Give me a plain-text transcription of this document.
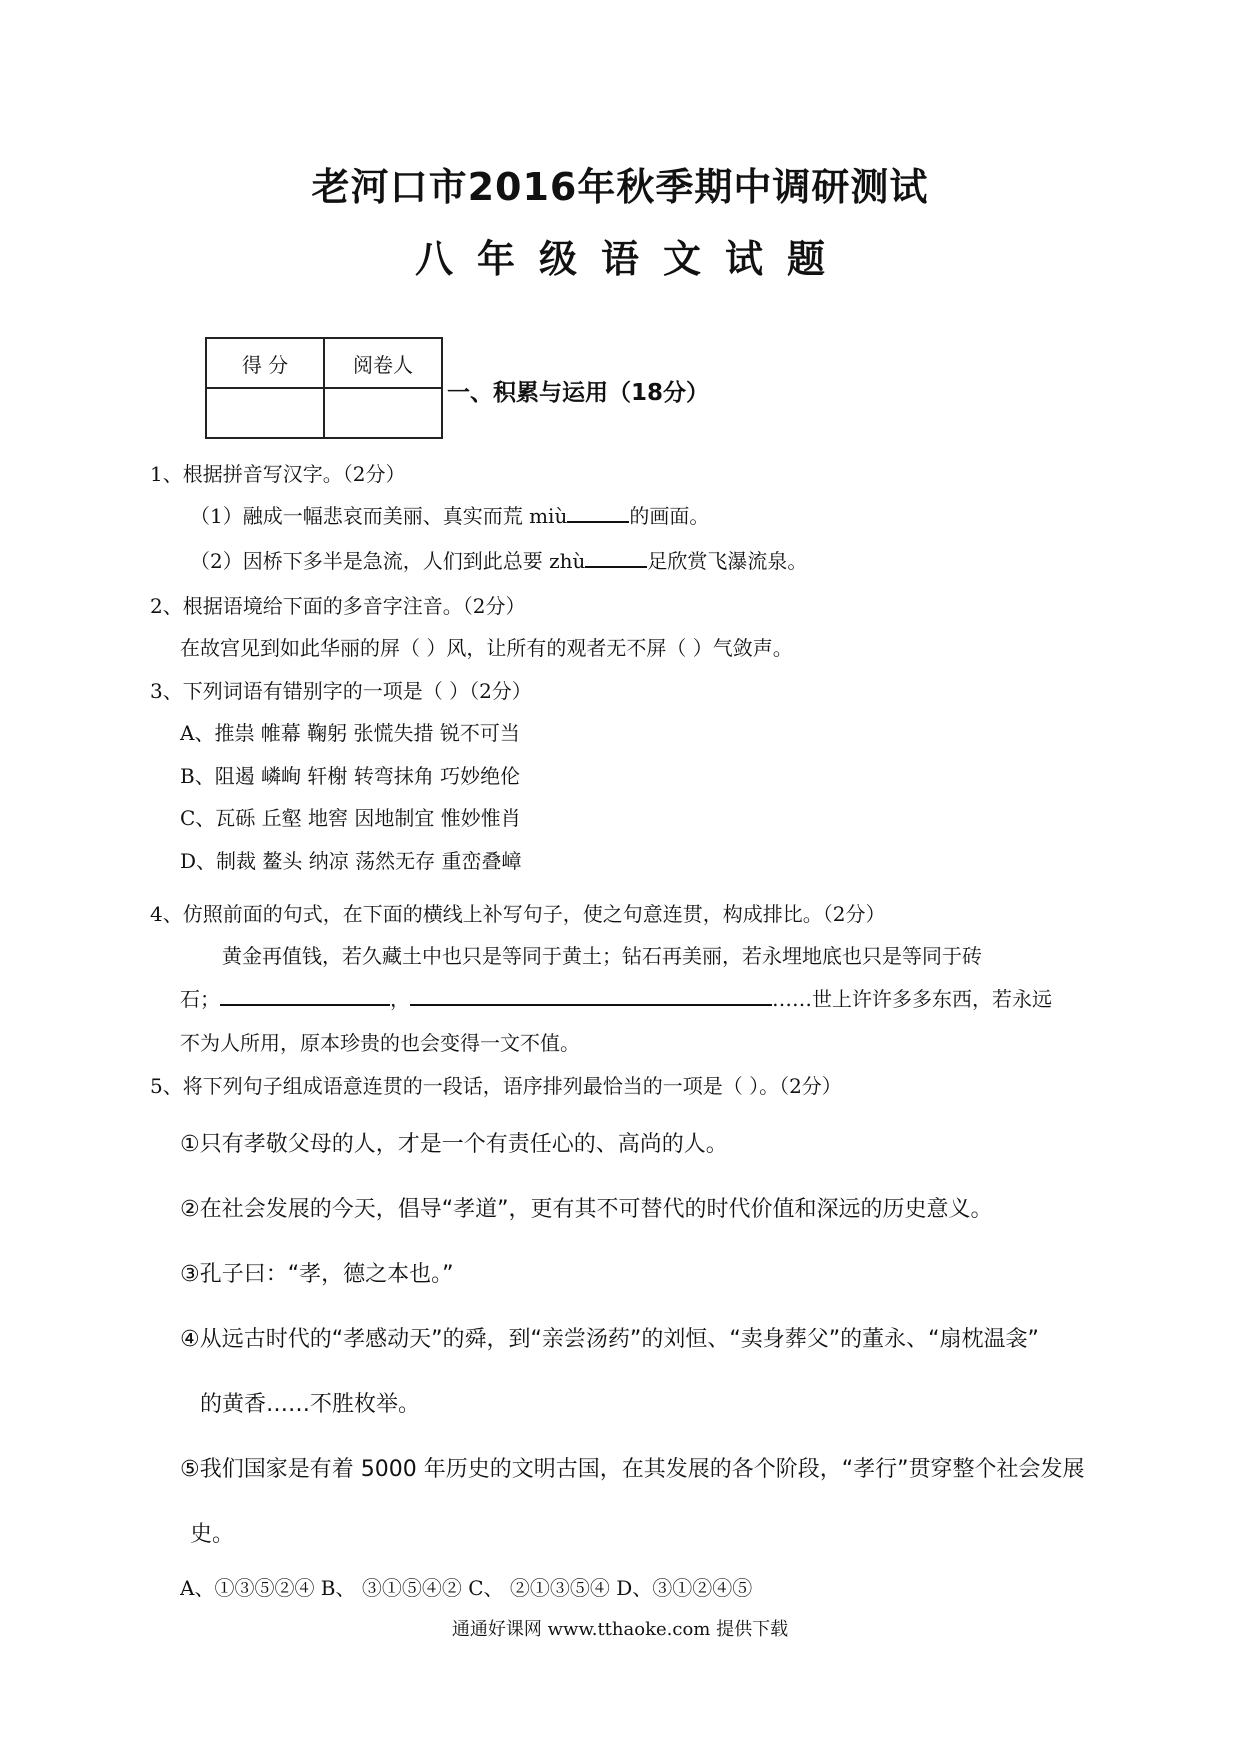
老河口市2016年秋季期中调研测试
八年级语文试题
得 分	阅卷人

一、积累与运用（18分）
1、根据拼音写汉字。（2分）
（1）融成一幅悲哀而美丽、真实而荒 miù	的画面。
（2）因桥下多半是急流，人们到此总要 zhù	足欣赏飞瀑流泉。
2、根据语境给下面的多音字注音。（2分）
在故宫见到如此华丽的屏（ ）风，让所有的观者无不屏（ ）气敛声。
3、下列词语有错别字的一项是（ ）（2分）
A、推祟 帷幕 鞠躬 张慌失措 锐不可当
B、阻遏 嶙峋 轩榭 转弯抹角 巧妙绝伦
C、瓦砾 丘壑 地窖 因地制宜 惟妙惟肖
D、制裁 鳌头 纳凉 荡然无存 重峦叠嶂
4、仿照前面的句式，在下面的横线上补写句子，使之句意连贯，构成排比。（2分）
黄金再值钱，若久藏土中也只是等同于黄土；钻石再美丽，若永埋地底也只是等同于砖
石；	，	……世上许许多多东西，若永远
不为人所用，原本珍贵的也会变得一文不值。
5、将下列句子组成语意连贯的一段话，语序排列最恰当的一项是（ ）。（2分）
①只有孝敬父母的人，才是一个有责任心的、高尚的人。
②在社会发展的今天，倡导“孝道”，更有其不可替代的时代价值和深远的历史意义。
③孔子曰：“孝，德之本也。”
④从远古时代的“孝感动天”的舜，到“亲尝汤药”的刘恒、“卖身葬父”的董永、“扇枕温衾”
的黄香……不胜枚举。
⑤我们国家是有着 5000 年历史的文明古国，在其发展的各个阶段，“孝行”贯穿整个社会发展
史。
A、①③⑤②④ B、 ③①⑤④② C、 ②①③⑤④ D、③①②④⑤
通通好课网 www.tthaoke.com 提供下载
